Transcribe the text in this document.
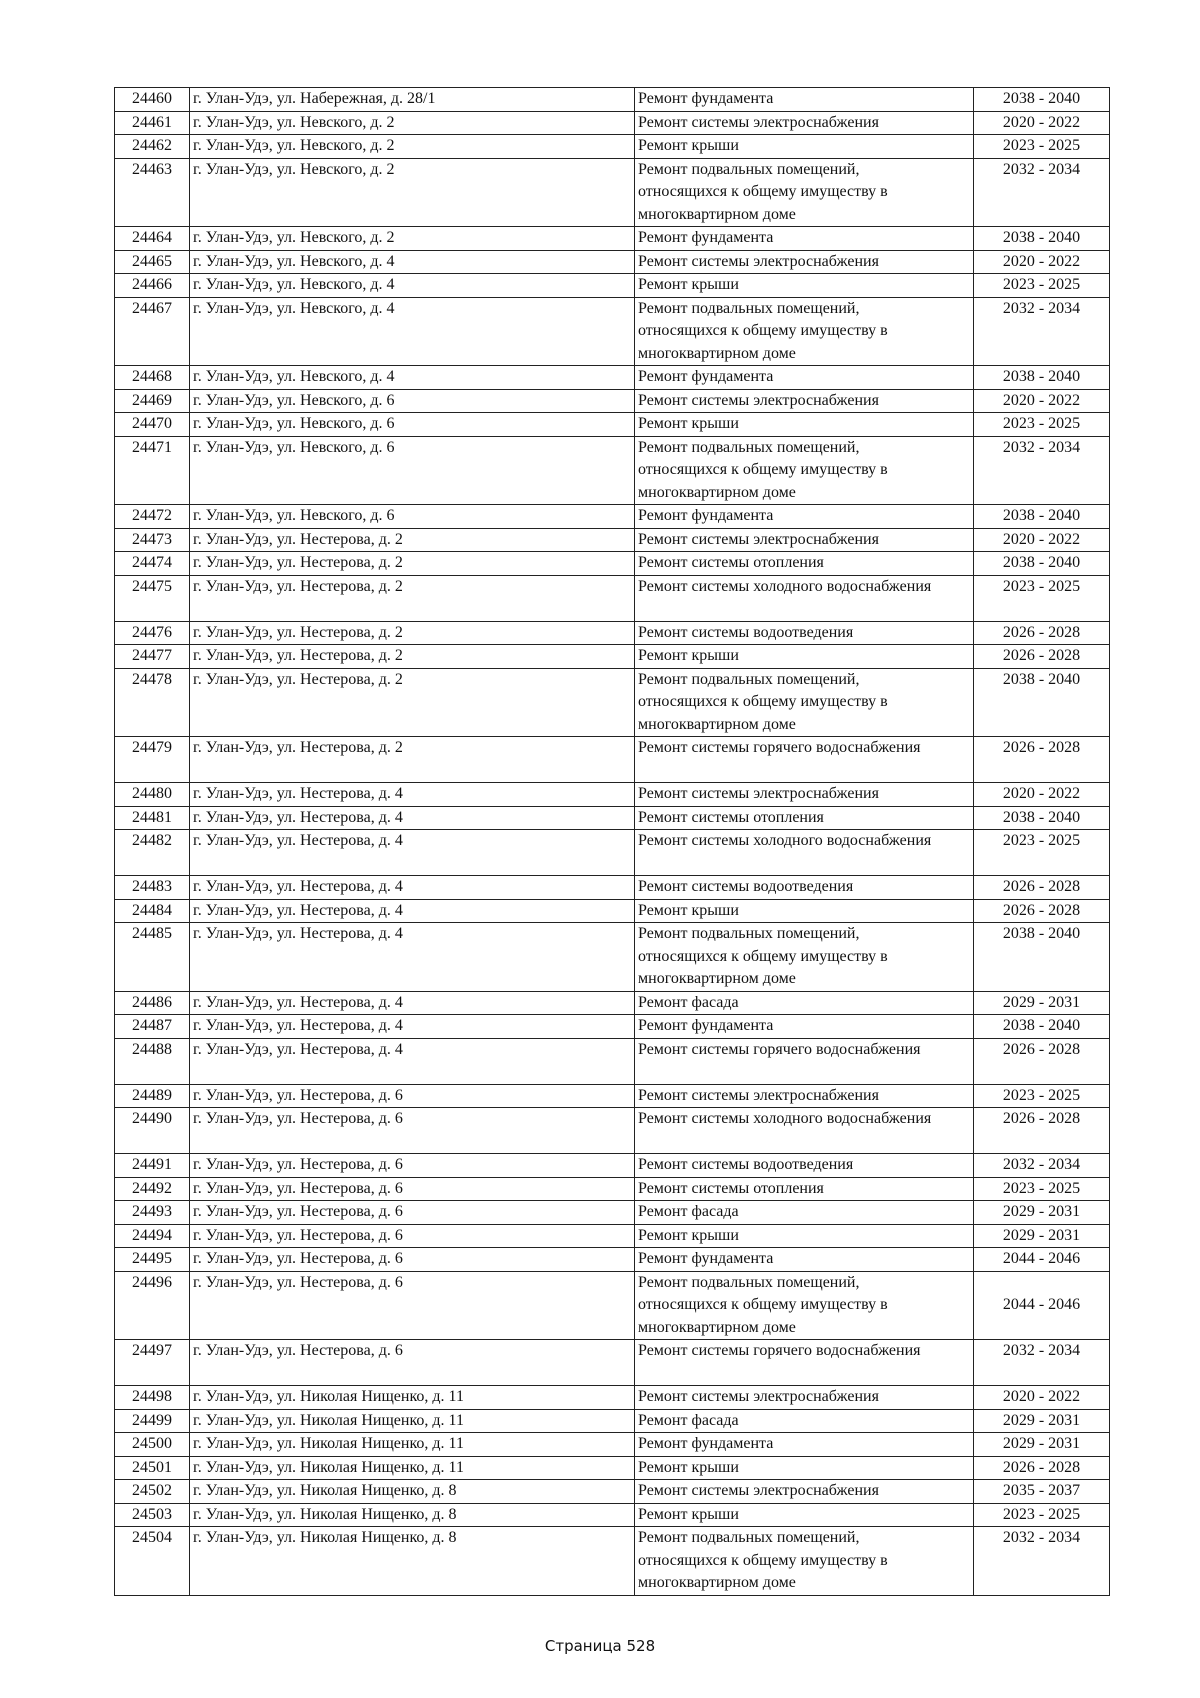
24460	г. Улан-Удэ, ул. Набережная, д. 28/1	Ремонт фундамента	2038 - 2040
24461	г. Улан-Удэ, ул. Невского, д. 2	Ремонт системы электроснабжения	2020 - 2022
24462	г. Улан-Удэ, ул. Невского, д. 2	Ремонт крыши	2023 - 2025
24463	г. Улан-Удэ, ул. Невского, д. 2	Ремонт подвальных помещений,
относящихся к общему имуществу в
многоквартирном доме	2032 - 2034
24464	г. Улан-Удэ, ул. Невского, д. 2	Ремонт фундамента	2038 - 2040
24465	г. Улан-Удэ, ул. Невского, д. 4	Ремонт системы электроснабжения	2020 - 2022
24466	г. Улан-Удэ, ул. Невского, д. 4	Ремонт крыши	2023 - 2025
24467	г. Улан-Удэ, ул. Невского, д. 4	Ремонт подвальных помещений,
относящихся к общему имуществу в
многоквартирном доме	2032 - 2034
24468	г. Улан-Удэ, ул. Невского, д. 4	Ремонт фундамента	2038 - 2040
24469	г. Улан-Удэ, ул. Невского, д. 6	Ремонт системы электроснабжения	2020 - 2022
24470	г. Улан-Удэ, ул. Невского, д. 6	Ремонт крыши	2023 - 2025
24471	г. Улан-Удэ, ул. Невского, д. 6	Ремонт подвальных помещений,
относящихся к общему имуществу в
многоквартирном доме	2032 - 2034
24472	г. Улан-Удэ, ул. Невского, д. 6	Ремонт фундамента	2038 - 2040
24473	г. Улан-Удэ, ул. Нестерова, д. 2	Ремонт системы электроснабжения	2020 - 2022
24474	г. Улан-Удэ, ул. Нестерова, д. 2	Ремонт системы отопления	2038 - 2040
24475	г. Улан-Удэ, ул. Нестерова, д. 2	Ремонт системы холодного водоснабжения	2023 - 2025
24476	г. Улан-Удэ, ул. Нестерова, д. 2	Ремонт системы водоотведения	2026 - 2028
24477	г. Улан-Удэ, ул. Нестерова, д. 2	Ремонт крыши	2026 - 2028
24478	г. Улан-Удэ, ул. Нестерова, д. 2	Ремонт подвальных помещений,
относящихся к общему имуществу в
многоквартирном доме	2038 - 2040
24479	г. Улан-Удэ, ул. Нестерова, д. 2	Ремонт системы горячего водоснабжения	2026 - 2028
24480	г. Улан-Удэ, ул. Нестерова, д. 4	Ремонт системы электроснабжения	2020 - 2022
24481	г. Улан-Удэ, ул. Нестерова, д. 4	Ремонт системы отопления	2038 - 2040
24482	г. Улан-Удэ, ул. Нестерова, д. 4	Ремонт системы холодного водоснабжения	2023 - 2025
24483	г. Улан-Удэ, ул. Нестерова, д. 4	Ремонт системы водоотведения	2026 - 2028
24484	г. Улан-Удэ, ул. Нестерова, д. 4	Ремонт крыши	2026 - 2028
24485	г. Улан-Удэ, ул. Нестерова, д. 4	Ремонт подвальных помещений,
относящихся к общему имуществу в
многоквартирном доме	2038 - 2040
24486	г. Улан-Удэ, ул. Нестерова, д. 4	Ремонт фасада	2029 - 2031
24487	г. Улан-Удэ, ул. Нестерова, д. 4	Ремонт фундамента	2038 - 2040
24488	г. Улан-Удэ, ул. Нестерова, д. 4	Ремонт системы горячего водоснабжения	2026 - 2028
24489	г. Улан-Удэ, ул. Нестерова, д. 6	Ремонт системы электроснабжения	2023 - 2025
24490	г. Улан-Удэ, ул. Нестерова, д. 6	Ремонт системы холодного водоснабжения	2026 - 2028
24491	г. Улан-Удэ, ул. Нестерова, д. 6	Ремонт системы водоотведения	2032 - 2034
24492	г. Улан-Удэ, ул. Нестерова, д. 6	Ремонт системы отопления	2023 - 2025
24493	г. Улан-Удэ, ул. Нестерова, д. 6	Ремонт фасада	2029 - 2031
24494	г. Улан-Удэ, ул. Нестерова, д. 6	Ремонт крыши	2029 - 2031
24495	г. Улан-Удэ, ул. Нестерова, д. 6	Ремонт фундамента	2044 - 2046
24496	г. Улан-Удэ, ул. Нестерова, д. 6	Ремонт подвальных помещений,
относящихся к общему имуществу в
многоквартирном доме	2044 - 2046
24497	г. Улан-Удэ, ул. Нестерова, д. 6	Ремонт системы горячего водоснабжения	2032 - 2034
24498	г. Улан-Удэ, ул. Николая Нищенко, д. 11	Ремонт системы электроснабжения	2020 - 2022
24499	г. Улан-Удэ, ул. Николая Нищенко, д. 11	Ремонт фасада	2029 - 2031
24500	г. Улан-Удэ, ул. Николая Нищенко, д. 11	Ремонт фундамента	2029 - 2031
24501	г. Улан-Удэ, ул. Николая Нищенко, д. 11	Ремонт крыши	2026 - 2028
24502	г. Улан-Удэ, ул. Николая Нищенко, д. 8	Ремонт системы электроснабжения	2035 - 2037
24503	г. Улан-Удэ, ул. Николая Нищенко, д. 8	Ремонт крыши	2023 - 2025
24504	г. Улан-Удэ, ул. Николая Нищенко, д. 8	Ремонт подвальных помещений,
относящихся к общему имуществу в
многоквартирном доме	2032 - 2034
Страница 528
